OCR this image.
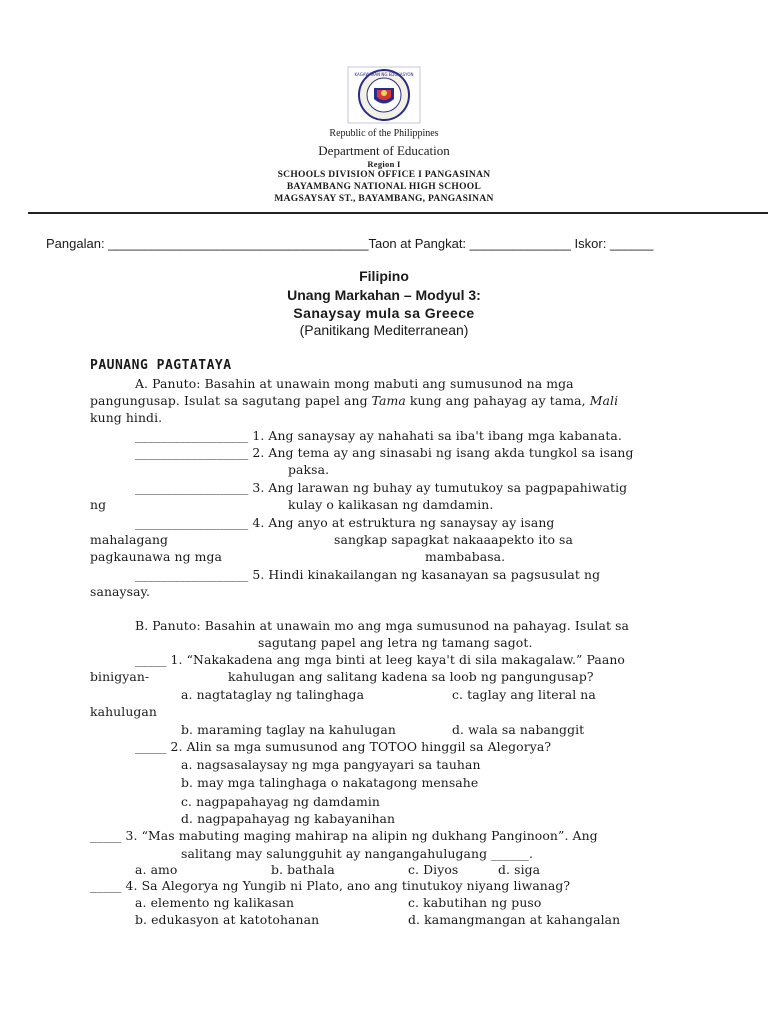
KAGAWARAN NG EDUKASYON
Republic of the Philippines
Department of Education
Region I
SCHOOLS DIVISION OFFICE I PANGASINAN
BAYAMBANG NATIONAL HIGH SCHOOL
MAGSAYSAY ST., BAYAMBANG, PANGASINAN
Pangalan: ____________________________________Taon at Pangkat: ______________ Iskor: ______
Filipino
Unang Markahan – Modyul 3:
Sanaysay mula sa Greece
(Panitikang Mediterranean)
PAUNANG PAGTATAYA
A. Panuto: Basahin at unawain mong mabuti ang sumusunod na mga
pangungusap. Isulat sa sagutang papel ang Tama kung ang pahayag ay tama, Mali
kung hindi.
__________________ 1. Ang sanaysay ay nahahati sa iba't ibang mga kabanata.
__________________ 2. Ang tema ay ang sinasabi ng isang akda tungkol sa isang
paksa.
__________________ 3. Ang larawan ng buhay ay tumutukoy sa pagpapahiwatig
ng	kulay o kalikasan ng damdamin.
__________________ 4. Ang anyo at estruktura ng sanaysay ay isang
mahalagang	sangkap sapagkat nakaaapekto ito sa
pagkaunawa ng mga	mambabasa.
__________________ 5. Hindi kinakailangan ng kasanayan sa pagsusulat ng
sanaysay.
B. Panuto: Basahin at unawain mo ang mga sumusunod na pahayag. Isulat sa
sagutang papel ang letra ng tamang sagot.
_____ 1. “Nakakadena ang mga binti at leeg kaya't di sila makagalaw.” Paano
binigyan-	kahulugan ang salitang kadena sa loob ng pangungusap?
a. nagtataglay ng talinghaga	c. taglay ang literal na
kahulugan
b. maraming taglay na kahulugan	d. wala sa nabanggit
_____ 2. Alin sa mga sumusunod ang TOTOO hinggil sa Alegorya?
a. nagsasalaysay ng mga pangyayari sa tauhan
b. may mga talinghaga o nakatagong mensahe
c. nagpapahayag ng damdamin
d. nagpapahayag ng kabayanihan
_____ 3. “Mas mabuting maging mahirap na alipin ng dukhang Panginoon”. Ang
salitang may salungguhit ay nangangahulugang ______.
a. amo	b. bathala	c. Diyos	d. siga
_____ 4. Sa Alegorya ng Yungib ni Plato, ano ang tinutukoy niyang liwanag?
a. elemento ng kalikasan	c. kabutihan ng puso
b. edukasyon at katotohanan	d. kamangmangan at kahangalan
